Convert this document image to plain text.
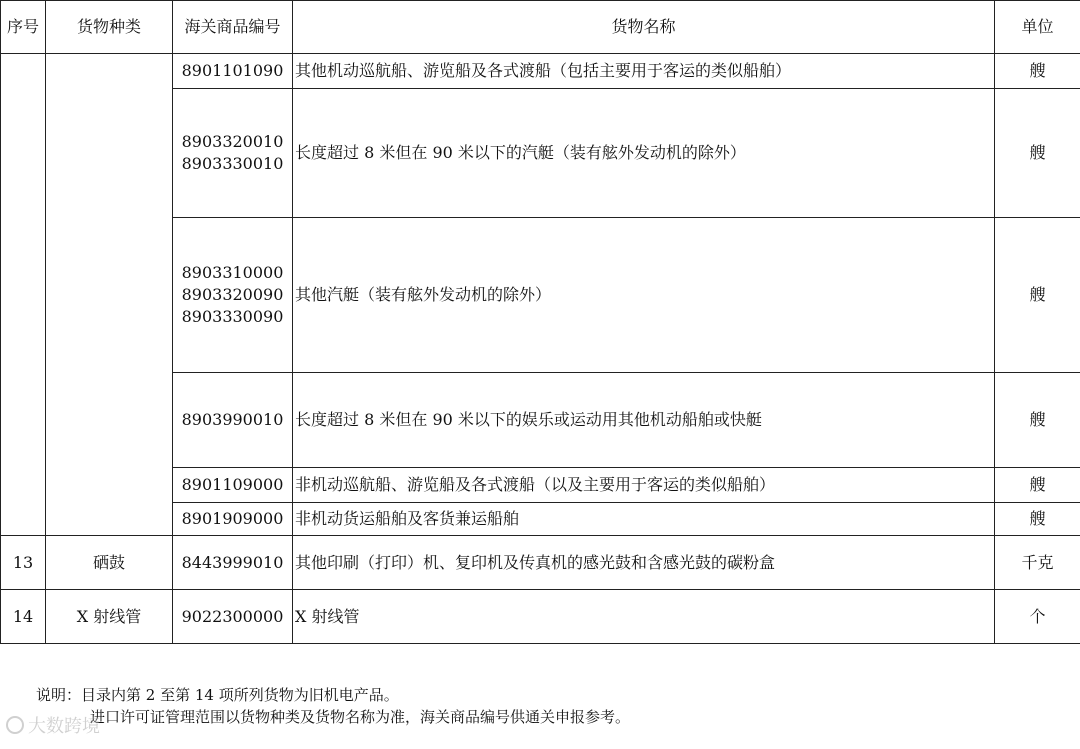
序号	货物种类	海关商品编号	货物名称	单位

		8901101090	其他机动巡航船、游览船及各式渡船（包括主要用于客运的类似船舶）	艘

		8903320010
8903330010	长度超过 8 米但在 90 米以下的汽艇（装有舷外发动机的除外）	艘

		8903310000
8903320090
8903330090	其他汽艇（装有舷外发动机的除外）	艘

		8903990010	长度超过 8 米但在 90 米以下的娱乐或运动用其他机动船舶或快艇	艘

		8901109000	非机动巡航船、游览船及各式渡船（以及主要用于客运的类似船舶）	艘

		8901909000	非机动货运船舶及客货兼运船舶	艘
13	硒鼓	8443999010	其他印刷（打印）机、复印机及传真机的感光鼓和含感光鼓的碳粉盒	千克
14	X 射线管	9022300000	X 射线管	个
说明：目录内第 2 至第 14 项所列货物为旧机电产品。
进口许可证管理范围以货物种类及货物名称为准，海关商品编号供通关申报参考。
大数跨境
